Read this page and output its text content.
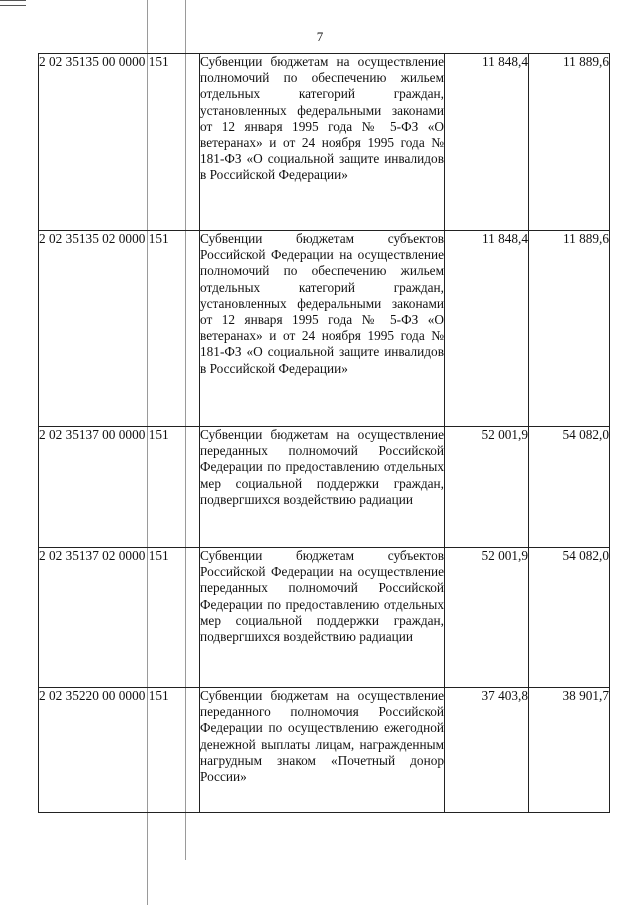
7
2 02 35135 00 0000 151	Субвенции бюджетам на осуществление полномочий по обеспечению жильем отдельных категорий граждан, установленных федеральными законами от 12 января 1995 года № 5-ФЗ «О ветеранах» и от 24 ноября 1995 года № 181-ФЗ «О социальной защите инвалидов в Российской Федерации»	11 848,4	11 889,6
2 02 35135 02 0000 151	Субвенции бюджетам субъектов Российской Федерации на осуществление полномочий по обеспечению жильем отдельных категорий граждан, установленных федеральными законами от 12 января 1995 года № 5-ФЗ «О ветеранах» и от 24 ноября 1995 года № 181-ФЗ «О социальной защите инвалидов в Российской Федерации»	11 848,4	11 889,6
2 02 35137 00 0000 151	Субвенции бюджетам на осуществление переданных полномочий Российской Федерации по предоставлению отдельных мер социальной поддержки граждан, подвергшихся воздействию радиации	52 001,9	54 082,0
2 02 35137 02 0000 151	Субвенции бюджетам субъектов Российской Федерации на осуществление переданных полномочий Российской Федерации по предоставлению отдельных мер социальной поддержки граждан, подвергшихся воздействию радиации	52 001,9	54 082,0
2 02 35220 00 0000 151	Субвенции бюджетам на осуществление переданного полномочия Российской Федерации по осуществлению ежегодной денежной выплаты лицам, награжденным нагрудным знаком «Почетный донор России»	37 403,8	38 901,7
